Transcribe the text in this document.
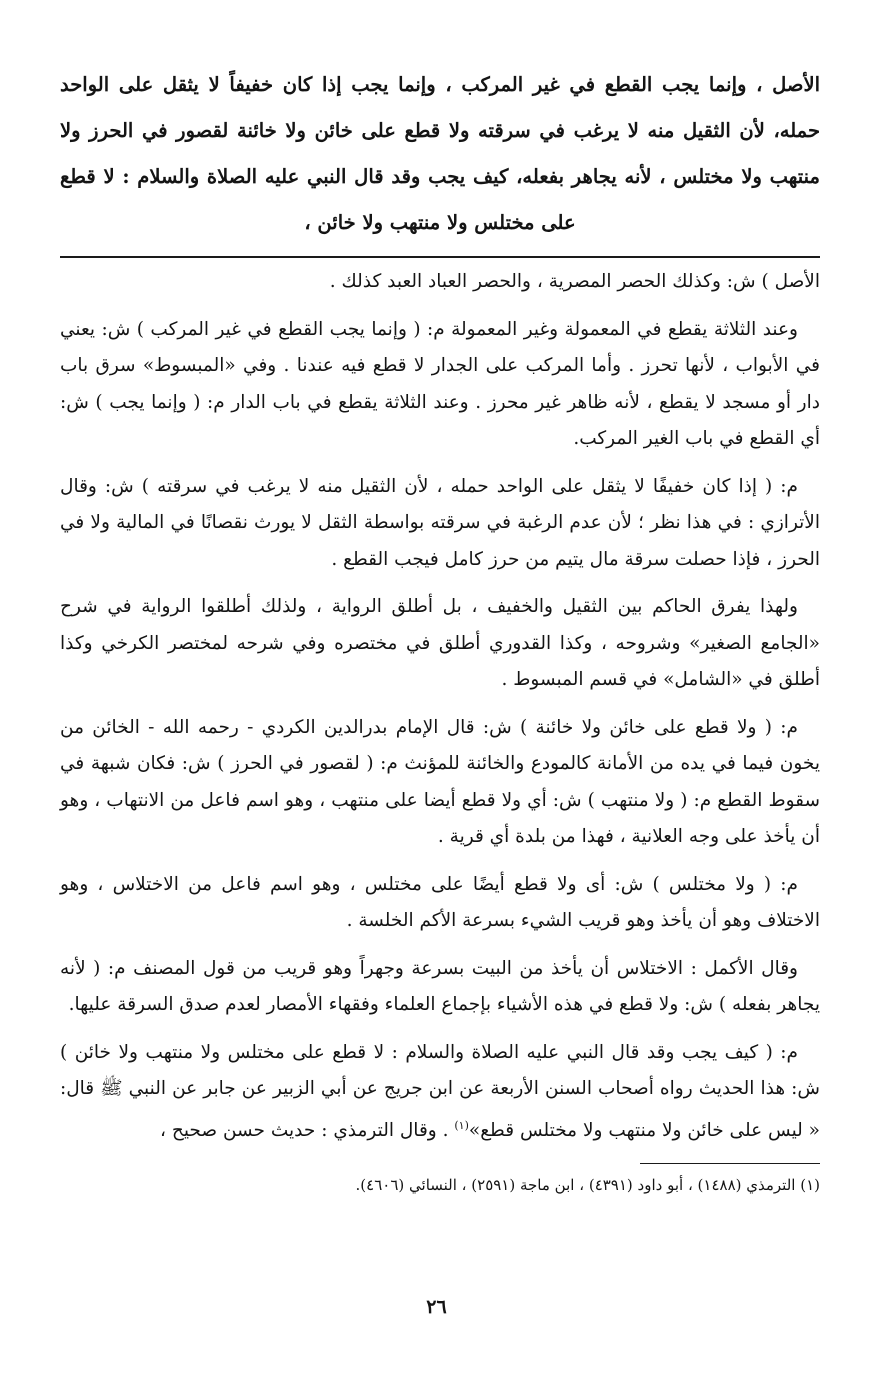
الأصل ، وإنما يجب القطع في غير المركب ، وإنما يجب إذا كان خفيفاً لا يثقل على الواحد حمله، لأن الثقيل منه لا يرغب في سرقته ولا قطع على خائن ولا خائنة لقصور في الحرز ولا منتهب ولا مختلس ، لأنه يجاهر بفعله، كيف يجب وقد قال النبي عليه الصلاة والسلام : لا قطع على مختلس ولا منتهب ولا خائن ،

الأصل ) ش: وكذلك الحصر المصرية ، والحصر العباد العبد كذلك .

وعند الثلاثة يقطع في المعمولة وغير المعمولة م: ( وإنما يجب القطع في غير المركب ) ش: يعني في الأبواب ، لأنها تحرز . وأما المركب على الجدار لا قطع فيه عندنا . وفي «المبسوط» سرق باب دار أو مسجد لا يقطع ، لأنه ظاهر غير محرز . وعند الثلاثة يقطع في باب الدار م: ( وإنما يجب ) ش: أي القطع في باب الغير المركب.

م: ( إذا كان خفيفًا لا يثقل على الواحد حمله ، لأن الثقيل منه لا يرغب في سرقته ) ش: وقال الأترازي : في هذا نظر ؛ لأن عدم الرغبة في سرقته بواسطة الثقل لا يورث نقصانًا في المالية ولا في الحرز ، فإذا حصلت سرقة مال يتيم من حرز كامل فيجب القطع .

ولهذا يفرق الحاكم بين الثقيل والخفيف ، بل أطلق الرواية ، ولذلك أطلقوا الرواية في شرح «الجامع الصغير» وشروحه ، وكذا القدوري أطلق في مختصره وفي شرحه لمختصر الكرخي وكذا أطلق في «الشامل» في قسم المبسوط .

م: ( ولا قطع على خائن ولا خائنة ) ش: قال الإمام بدرالدين الكردي - رحمه الله - الخائن من يخون فيما في يده من الأمانة كالمودع والخائنة للمؤنث م: ( لقصور في الحرز ) ش: فكان شبهة في سقوط القطع م: ( ولا منتهب ) ش: أي ولا قطع أيضا على منتهب ، وهو اسم فاعل من الانتهاب ، وهو أن يأخذ على وجه العلانية ، فهذا من بلدة أي قرية .

م: ( ولا مختلس ) ش: أى ولا قطع أيضًا على مختلس ، وهو اسم فاعل من الاختلاس ، وهو الاختلاف وهو أن يأخذ وهو قريب الشيء بسرعة الأكم الخلسة .

وقال الأكمل : الاختلاس أن يأخذ من البيت بسرعة وجهراً وهو قريب من قول المصنف م: ( لأنه يجاهر بفعله ) ش: ولا قطع في هذه الأشياء بإجماع العلماء وفقهاء الأمصار لعدم صدق السرقة عليها.

م: ( كيف يجب وقد قال النبي عليه الصلاة والسلام : لا قطع على مختلس ولا منتهب ولا خائن ) ش: هذا الحديث رواه أصحاب السنن الأربعة عن ابن جريج عن أبي الزبير عن جابر عن النبي ﷺ قال: « ليس على خائن ولا منتهب ولا مختلس قطع»$^{(١)}$ . وقال الترمذي : حديث حسن صحيح ،

(١) الترمذي (١٤٨٨) ، أبو داود (٤٣٩١) ، ابن ماجة (٢٥٩١) ، النسائي (٤٦٠٦).

٢٦
